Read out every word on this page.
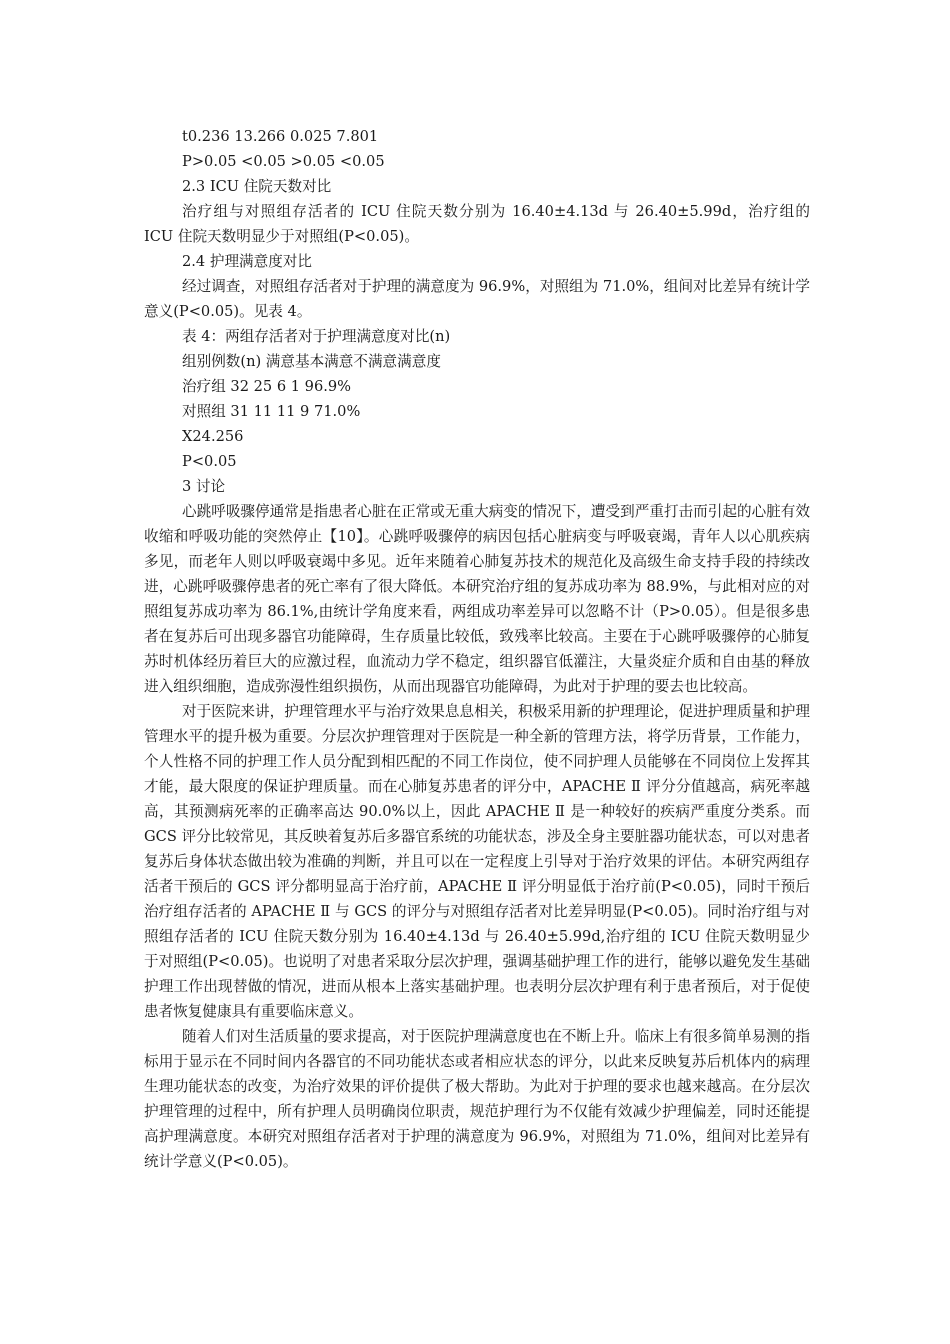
t0.236 13.266 0.025 7.801
P>0.05 <0.05 >0.05 <0.05
2.3 ICU 住院天数对比

治疗组与对照组存活者的 ICU 住院天数分别为 16.40±4.13d 与 26.40±5.99d，治疗组的 ICU 住院天数明显少于对照组(P<0.05)。

2.4 护理满意度对比

经过调查，对照组存活者对于护理的满意度为 96.9%，对照组为 71.0%，组间对比差异有统计学意义(P<0.05)。见表 4。

表 4：两组存活者对于护理满意度对比(n)
组别例数(n) 满意基本满意不满意满意度
治疗组 32 25 6 1 96.9%
对照组 31 11 11 9 71.0%
X24.256
P<0.05
3 讨论

心跳呼吸骤停通常是指患者心脏在正常或无重大病变的情况下，遭受到严重打击而引起的心脏有效收缩和呼吸功能的突然停止【10】。心跳呼吸骤停的病因包括心脏病变与呼吸衰竭，青年人以心肌疾病多见，而老年人则以呼吸衰竭中多见。近年来随着心肺复苏技术的规范化及高级生命支持手段的持续改进，心跳呼吸骤停患者的死亡率有了很大降低。本研究治疗组的复苏成功率为 88.9%，与此相对应的对照组复苏成功率为 86.1%,由统计学角度来看，两组成功率差异可以忽略不计（P>0.05）。但是很多患者在复苏后可出现多器官功能障碍，生存质量比较低，致残率比较高。主要在于心跳呼吸骤停的心肺复苏时机体经历着巨大的应激过程，血流动力学不稳定，组织器官低灌注，大量炎症介质和自由基的释放进入组织细胞，造成弥漫性组织损伤，从而出现器官功能障碍，为此对于护理的要去也比较高。

对于医院来讲，护理管理水平与治疗效果息息相关，积极采用新的护理理论，促进护理质量和护理管理水平的提升极为重要。分层次护理管理对于医院是一种全新的管理方法，将学历背景，工作能力，个人性格不同的护理工作人员分配到相匹配的不同工作岗位，使不同护理人员能够在不同岗位上发挥其才能，最大限度的保证护理质量。而在心肺复苏患者的评分中，APACHE Ⅱ 评分分值越高，病死率越高，其预测病死率的正确率高达 90.0%以上，因此 APACHE Ⅱ 是一种较好的疾病严重度分类系。而 GCS 评分比较常见，其反映着复苏后多器官系统的功能状态，涉及全身主要脏器功能状态，可以对患者复苏后身体状态做出较为准确的判断，并且可以在一定程度上引导对于治疗效果的评估。本研究两组存活者干预后的 GCS 评分都明显高于治疗前，APACHE Ⅱ 评分明显低于治疗前(P<0.05)，同时干预后治疗组存活者的 APACHE Ⅱ 与 GCS 的评分与对照组存活者对比差异明显(P<0.05)。同时治疗组与对照组存活者的 ICU 住院天数分别为 16.40±4.13d 与 26.40±5.99d,治疗组的 ICU 住院天数明显少于对照组(P<0.05)。也说明了对患者采取分层次护理，强调基础护理工作的进行，能够以避免发生基础护理工作出现替做的情况，进而从根本上落实基础护理。也表明分层次护理有利于患者预后，对于促使患者恢复健康具有重要临床意义。

随着人们对生活质量的要求提高，对于医院护理满意度也在不断上升。临床上有很多简单易测的指标用于显示在不同时间内各器官的不同功能状态或者相应状态的评分，以此来反映复苏后机体内的病理生理功能状态的改变，为治疗效果的评价提供了极大帮助。为此对于护理的要求也越来越高。在分层次护理管理的过程中，所有护理人员明确岗位职责，规范护理行为不仅能有效减少护理偏差，同时还能提高护理满意度。本研究对照组存活者对于护理的满意度为 96.9%，对照组为 71.0%，组间对比差异有统计学意义(P<0.05)。
